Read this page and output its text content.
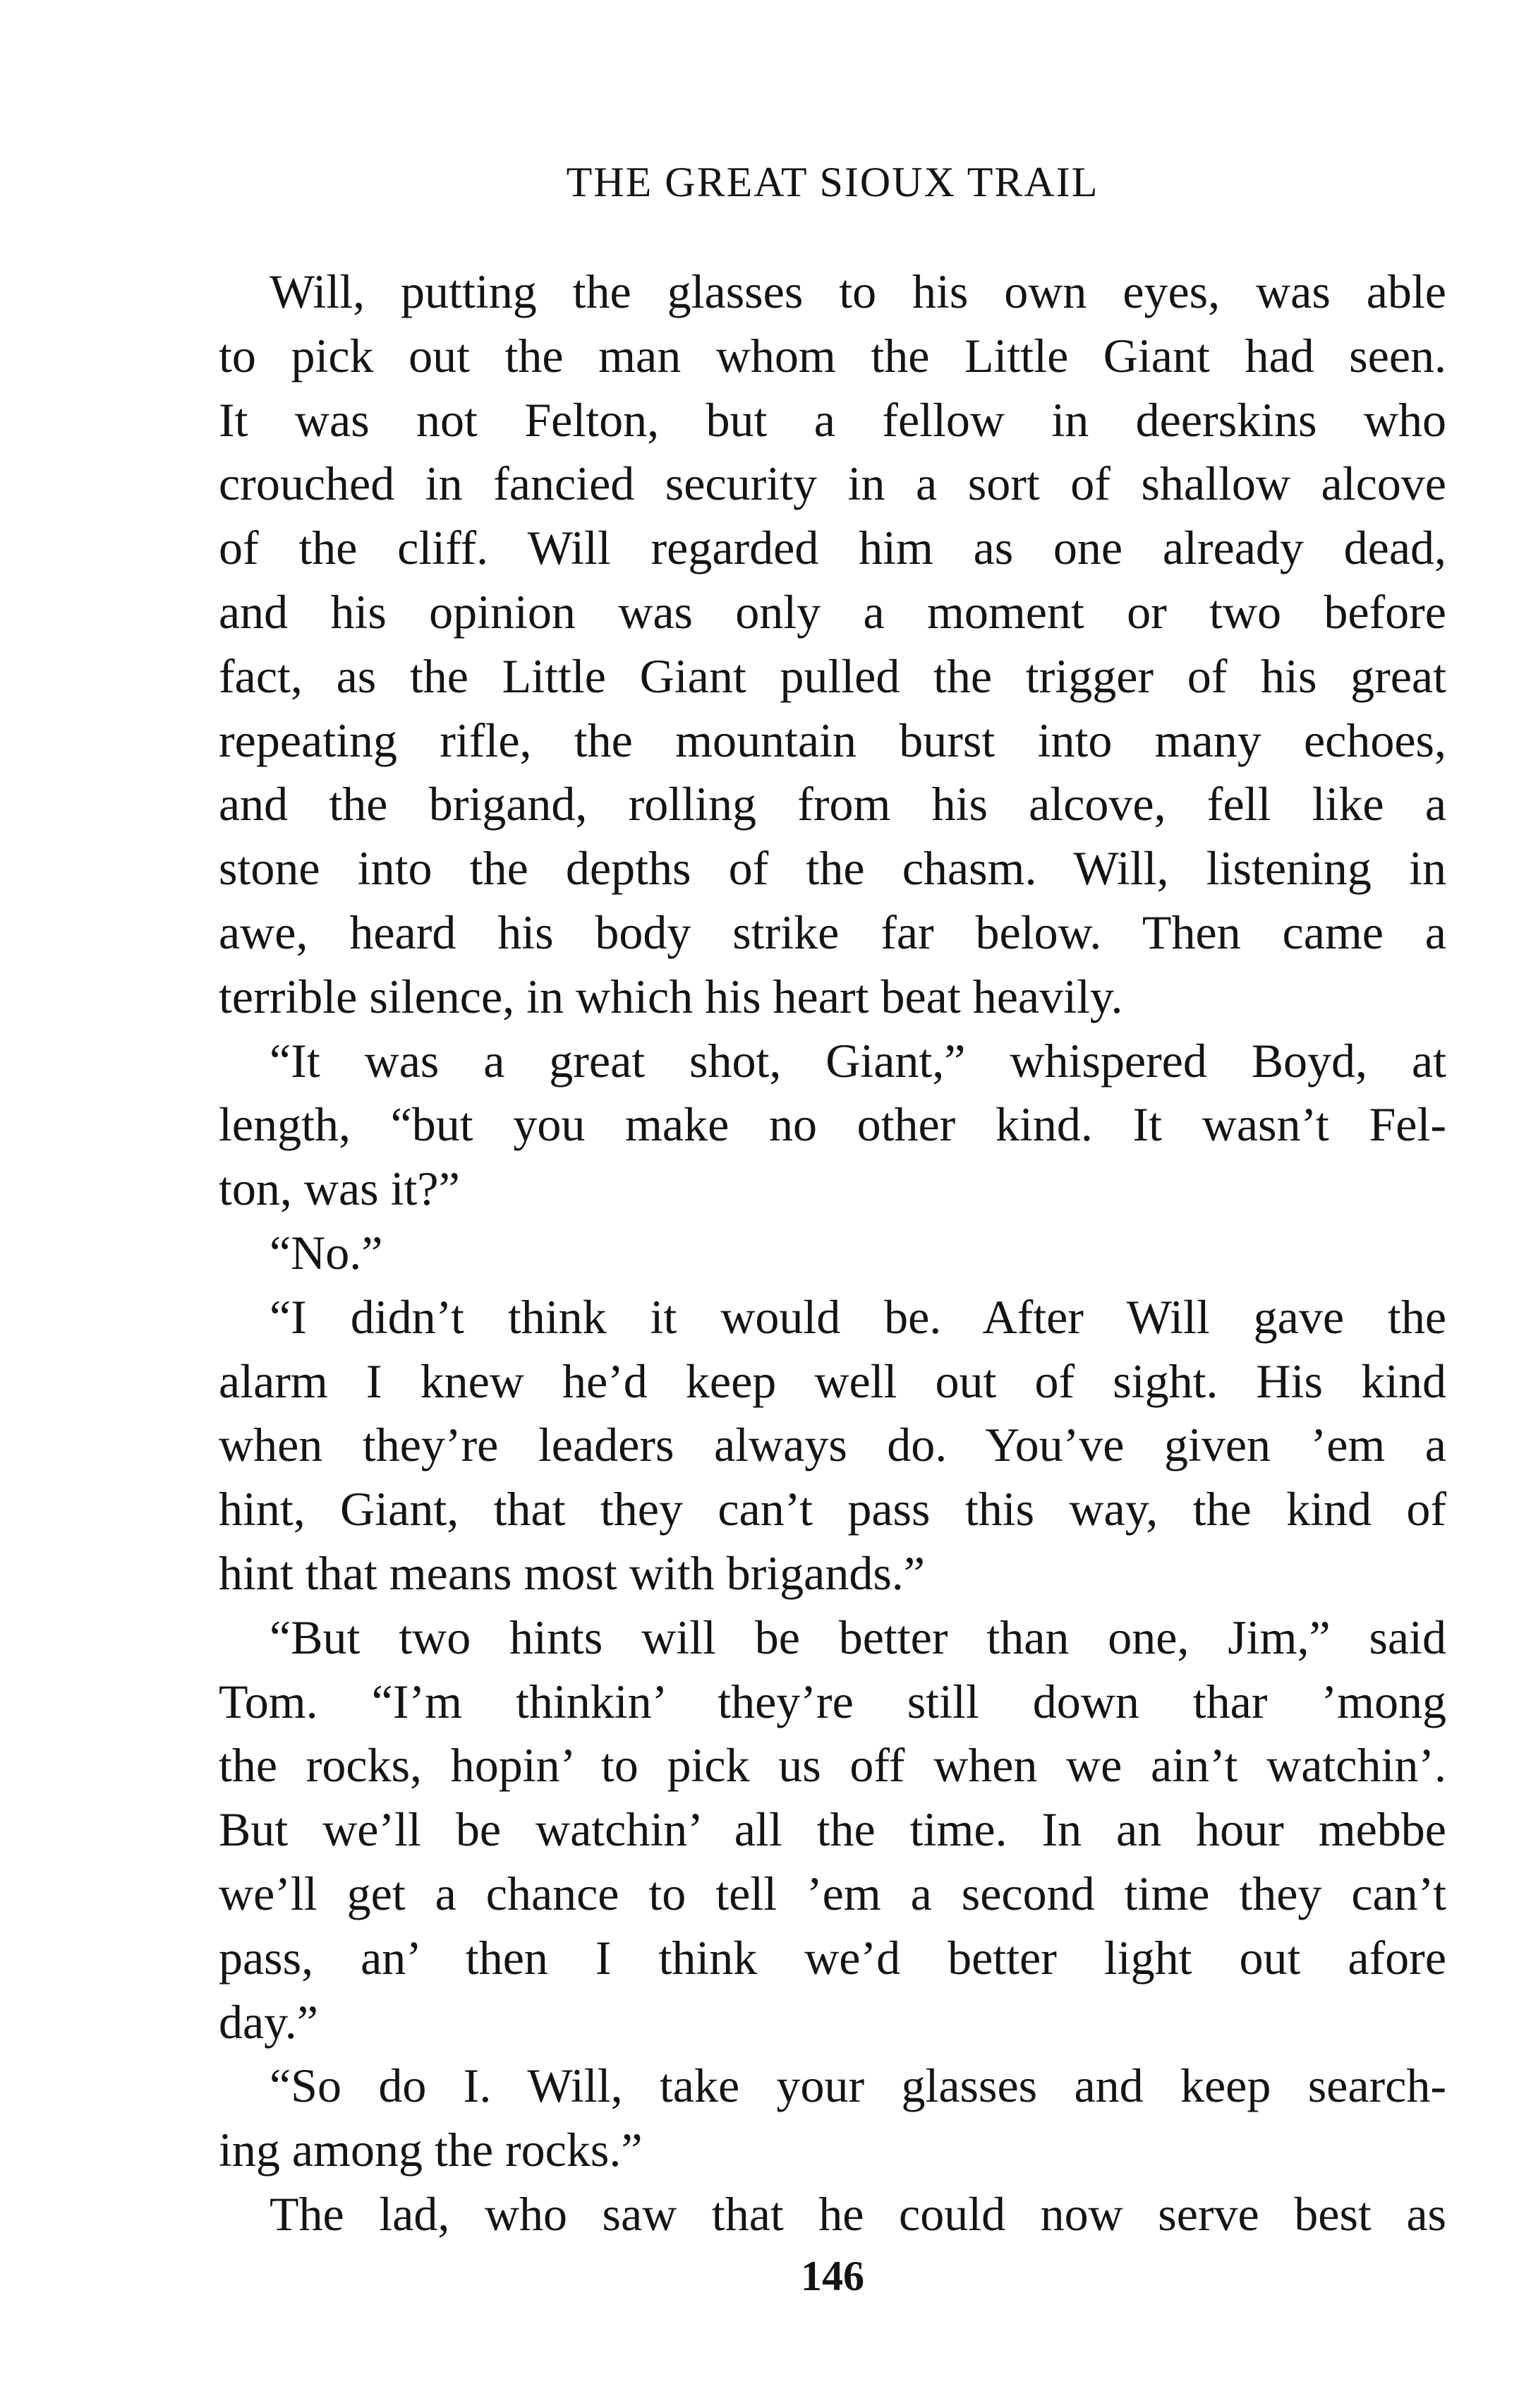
THE GREAT SIOUX TRAIL
Will, putting the glasses to his own eyes, was able
to pick out the man whom the Little Giant had seen.
It was not Felton, but a fellow in deerskins who
crouched in fancied security in a sort of shallow alcove
of the cliff. Will regarded him as one already dead,
and his opinion was only a moment or two before
fact, as the Little Giant pulled the trigger of his great
repeating rifle, the mountain burst into many echoes,
and the brigand, rolling from his alcove, fell like a
stone into the depths of the chasm. Will, listening in
awe, heard his body strike far below. Then came a
terrible silence, in which his heart beat heavily.
“It was a great shot, Giant,” whispered Boyd, at
length, “but you make no other kind. It wasn’t Fel-
ton, was it?”
“No.”
“I didn’t think it would be. After Will gave the
alarm I knew he’d keep well out of sight. His kind
when they’re leaders always do. You’ve given ’em a
hint, Giant, that they can’t pass this way, the kind of
hint that means most with brigands.”
“But two hints will be better than one, Jim,” said
Tom. “I’m thinkin’ they’re still down thar ’mong
the rocks, hopin’ to pick us off when we ain’t watchin’.
But we’ll be watchin’ all the time. In an hour mebbe
we’ll get a chance to tell ’em a second time they can’t
pass, an’ then I think we’d better light out afore
day.”
“So do I. Will, take your glasses and keep search-
ing among the rocks.”
The lad, who saw that he could now serve best as
146
